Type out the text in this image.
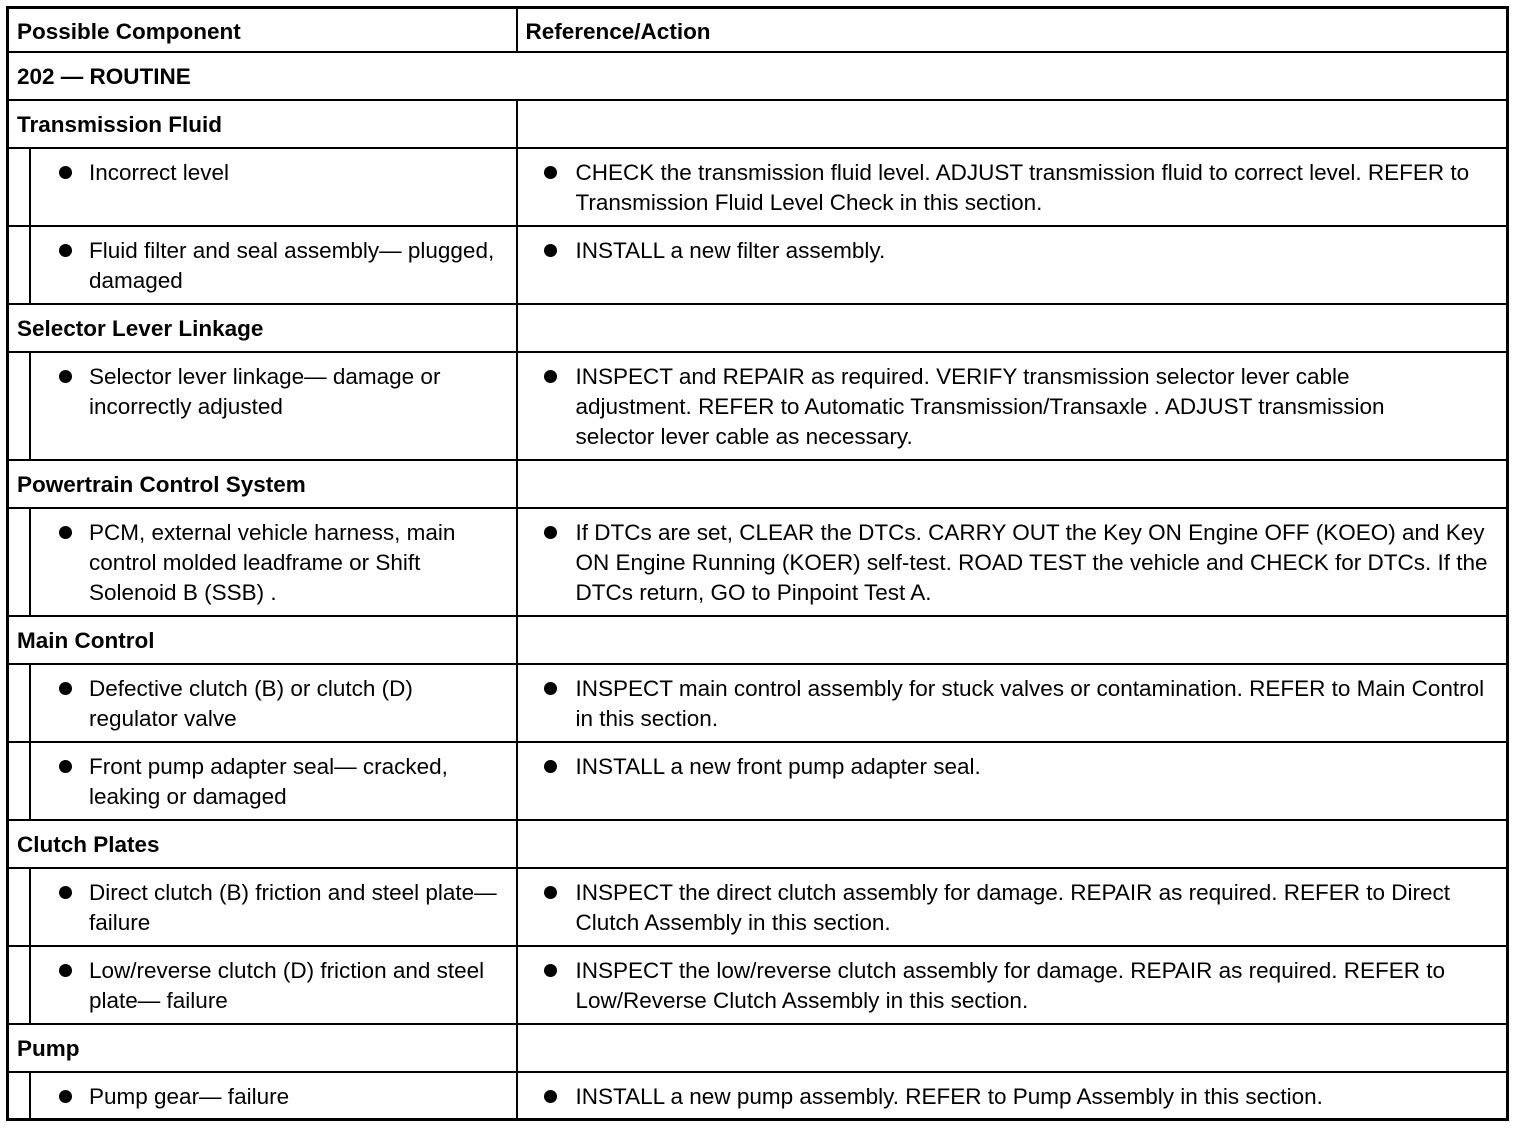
Possible Component	Reference/Action
202 — ROUTINE	
Transmission Fluid	

Incorrect level	CHECK the transmission fluid level. ADJUST transmission fluid to correct level. REFER to Transmission Fluid Level Check in this section.

Fluid filter and seal assembly— plugged, damaged	INSTALL a new filter assembly.

Selector Lever Linkage	

Selector lever linkage— damage or incorrectly adjusted	INSPECT and REPAIR as required. VERIFY transmission selector lever cable adjustment. REFER to Automatic Transmission/Transaxle . ADJUST transmission selector lever cable as necessary.

Powertrain Control System	

PCM, external vehicle harness, main control molded leadframe or Shift Solenoid B (SSB) .	If DTCs are set, CLEAR the DTCs. CARRY OUT the Key ON Engine OFF (KOEO) and Key ON Engine Running (KOER) self-test. ROAD TEST the vehicle and CHECK for DTCs. If the DTCs return, GO to Pinpoint Test A.

Main Control	

Defective clutch (B) or clutch (D) regulator valve	INSPECT main control assembly for stuck valves or contamination. REFER to Main Control in this section.

Front pump adapter seal— cracked, leaking or damaged	INSTALL a new front pump adapter seal.

Clutch Plates	

Direct clutch (B) friction and steel plate— failure	INSPECT the direct clutch assembly for damage. REPAIR as required. REFER to Direct Clutch Assembly in this section.

Low/reverse clutch (D) friction and steel plate— failure	INSPECT the low/reverse clutch assembly for damage. REPAIR as required. REFER to Low/Reverse Clutch Assembly in this section.

Pump	

Pump gear— failure	INSTALL a new pump assembly. REFER to Pump Assembly in this section.
